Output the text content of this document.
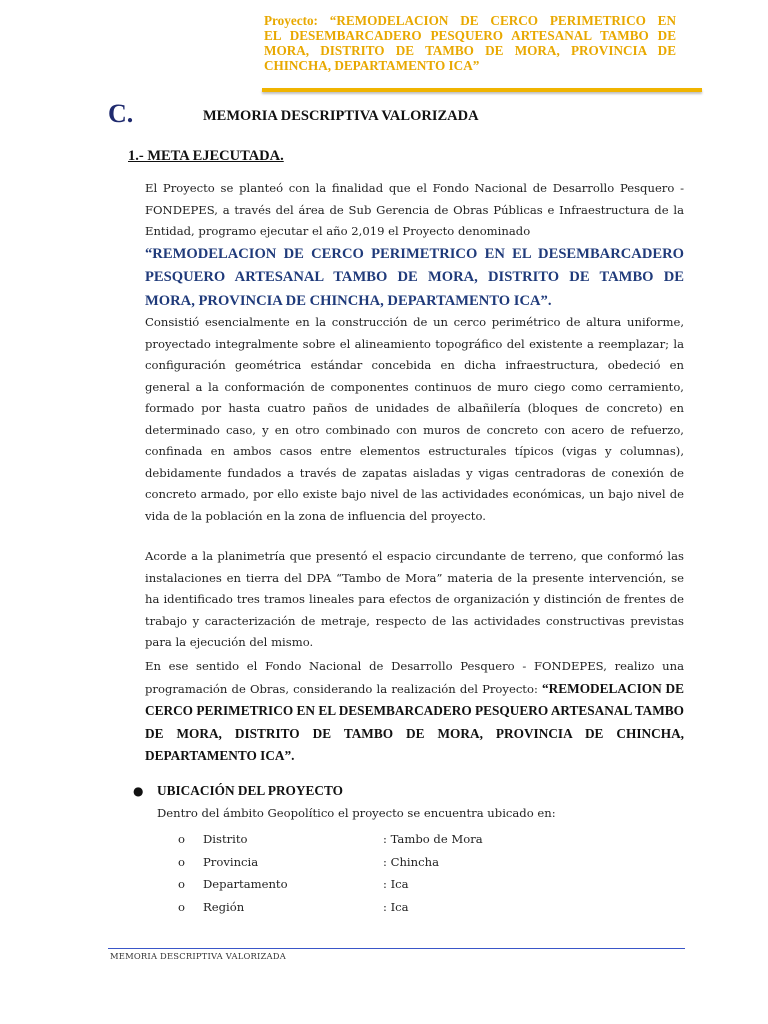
Proyecto: “REMODELACION DE CERCO PERIMETRICO EN
EL DESEMBARCADERO PESQUERO ARTESANAL TAMBO DE
MORA, DISTRITO DE TAMBO DE MORA, PROVINCIA DE
CHINCHA, DEPARTAMENTO ICA”
C.	MEMORIA DESCRIPTIVA VALORIZADA
1.- META EJECUTADA.
El Proyecto se planteó con la finalidad que el Fondo Nacional de Desarrollo Pesquero - FONDEPES, a través del área de Sub Gerencia de Obras Públicas e Infraestructura de la Entidad, programo ejecutar el año 2,019 el Proyecto denominado
“REMODELACION DE CERCO PERIMETRICO EN EL DESEMBARCADERO PESQUERO ARTESANAL TAMBO DE MORA, DISTRITO DE TAMBO DE MORA, PROVINCIA DE CHINCHA, DEPARTAMENTO ICA”.
Consistió esencialmente en la construcción de un cerco perimétrico de altura uniforme, proyectado integralmente sobre el alineamiento topográfico del existente a reemplazar; la configuración geométrica estándar concebida en dicha infraestructura, obedeció en general a la conformación de componentes continuos de muro ciego como cerramiento, formado por hasta cuatro paños de unidades de albañilería (bloques de concreto) en determinado caso, y en otro combinado con muros de concreto con acero de refuerzo, confinada en ambos casos entre elementos estructurales típicos (vigas y columnas), debidamente fundados a través de zapatas aisladas y vigas centradoras de conexión de concreto armado, por ello existe bajo nivel de las actividades económicas, un bajo nivel de vida de la población en la zona de influencia del proyecto.
Acorde a la planimetría que presentó el espacio circundante de terreno, que conformó las instalaciones en tierra del DPA “Tambo de Mora” materia de la presente intervención, se ha identificado tres tramos lineales para efectos de organización y distinción de frentes de trabajo y caracterización de metraje, respecto de las actividades constructivas previstas para la ejecución del mismo.
En ese sentido el Fondo Nacional de Desarrollo Pesquero - FONDEPES, realizo una programación de Obras, considerando la realización del Proyecto: “REMODELACION DE CERCO PERIMETRICO EN EL DESEMBARCADERO PESQUERO ARTESANAL TAMBO DE MORA, DISTRITO DE TAMBO DE MORA, PROVINCIA DE CHINCHA, DEPARTAMENTO ICA”.
● UBICACIÓN DEL PROYECTO
Dentro del ámbito Geopolítico el proyecto se encuentra ubicado en:
o Distrito	: Tambo de Mora
o Provincia	: Chincha
o Departamento	: Ica
o Región	: Ica
MEMORIA DESCRIPTIVA VALORIZADA
